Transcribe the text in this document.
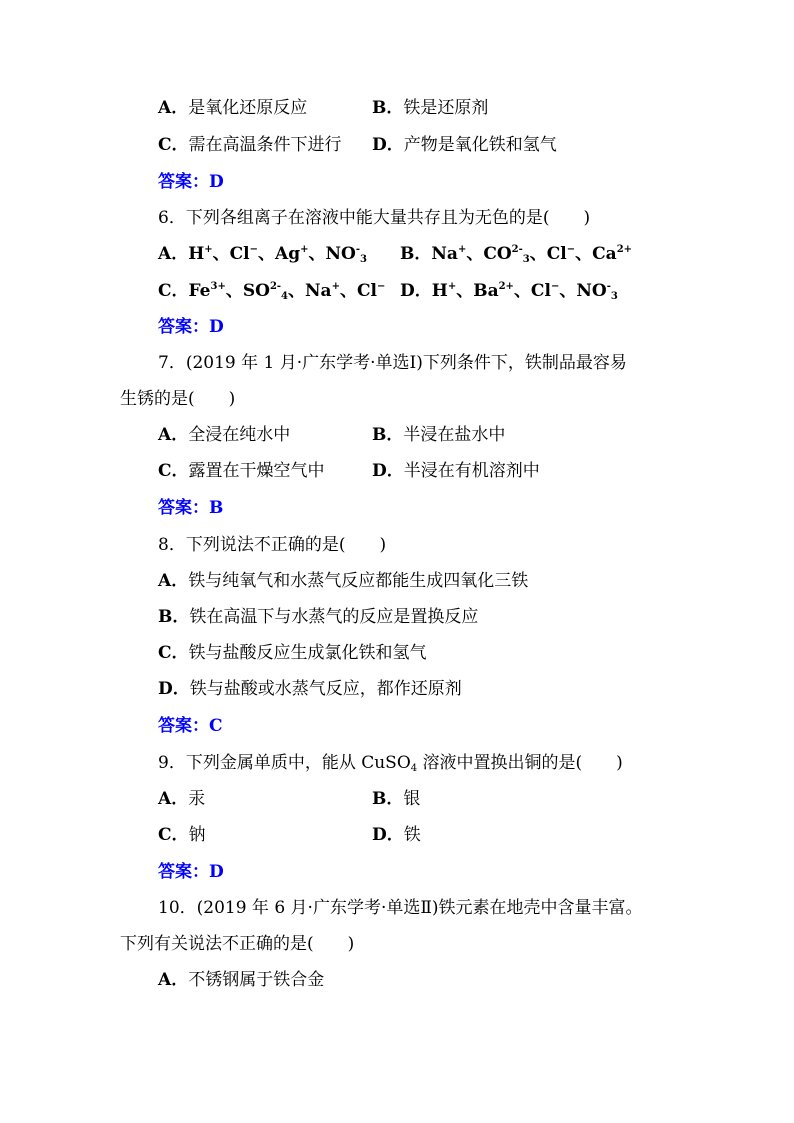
A．是氧化还原反应	B．铁是还原剂
C．需在高温条件下进行 D．产物是氧化铁和氢气
答案：D
6．下列各组离子在溶液中能大量共存且为无色的是(　　)
A．H+、Cl−、Ag+、$NO^-_3$ B．Na+、$CO^{2-}_3$、Cl−、$Ca^{2+}$
C．$Fe^{3+}$、$SO^{2-}_4$、Na+、Cl− D．H+、$Ba^{2+}$、Cl−、$NO^-_3$
答案：D
7．(2019 年 1 月·广东学考·单选Ⅰ)下列条件下，铁制品最容易
生锈的是(　　)
A．全浸在纯水中	B．半浸在盐水中
C．露置在干燥空气中	D．半浸在有机溶剂中
答案：B
8．下列说法不正确的是(　　)
A．铁与纯氧气和水蒸气反应都能生成四氧化三铁
B．铁在高温下与水蒸气的反应是置换反应
C．铁与盐酸反应生成氯化铁和氢气
D．铁与盐酸或水蒸气反应，都作还原剂
答案：C
9．下列金属单质中，能从 CuSO$_4$ 溶液中置换出铜的是(　　)
A．汞	B．银
C．钠	D．铁
答案：D
10．(2019 年 6 月·广东学考·单选Ⅱ)铁元素在地壳中含量丰富。
下列有关说法不正确的是(　　)
A．不锈钢属于铁合金
